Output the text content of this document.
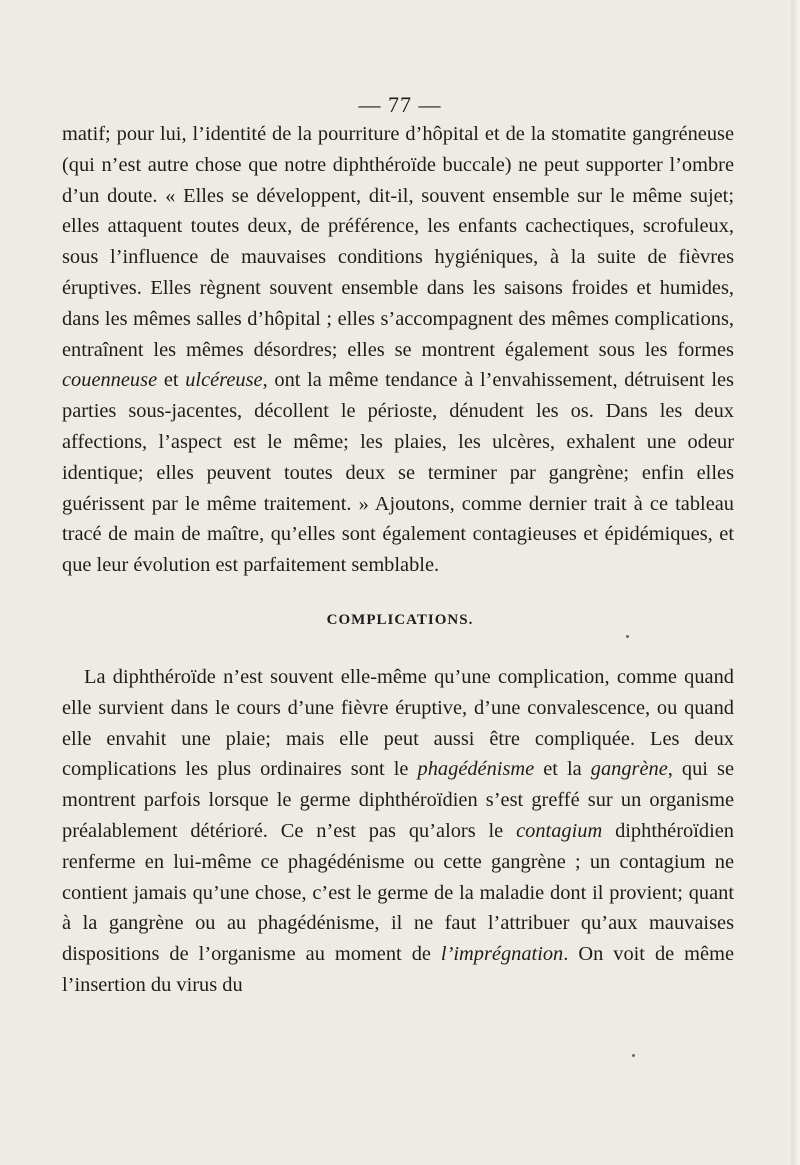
— 77 —

matif; pour lui, l’identité de la pourriture d’hôpital et de la stomatite gangréneuse (qui n’est autre chose que notre diphthéroïde buccale) ne peut supporter l’ombre d’un doute. « Elles se développent, dit-il, souvent ensemble sur le même sujet; elles attaquent toutes deux, de préférence, les enfants cachectiques, scrofuleux, sous l’influence de mauvaises conditions hygiéniques, à la suite de fièvres éruptives. Elles règnent souvent ensemble dans les saisons froides et humides, dans les mêmes salles d’hôpital ; elles s’accompagnent des mêmes complications, entraînent les mêmes désordres; elles se montrent également sous les formes couenneuse et ulcéreuse, ont la même tendance à l’envahissement, détruisent les parties sous-jacentes, décollent le périoste, dénudent les os. Dans les deux affections, l’aspect est le même; les plaies, les ulcères, exhalent une odeur identique; elles peuvent toutes deux se terminer par gangrène; enfin elles guérissent par le même traitement. » Ajoutons, comme dernier trait à ce tableau tracé de main de maître, qu’elles sont également contagieuses et épidémiques, et que leur évolution est parfaitement semblable.

COMPLICATIONS.

La diphthéroïde n’est souvent elle-même qu’une complication, comme quand elle survient dans le cours d’une fièvre éruptive, d’une convalescence, ou quand elle envahit une plaie; mais elle peut aussi être compliquée. Les deux complications les plus ordinaires sont le phagédénisme et la gangrène, qui se montrent parfois lorsque le germe diphthéroïdien s’est greffé sur un organisme préalablement détérioré. Ce n’est pas qu’alors le contagium diphthéroïdien renferme en lui-même ce phagédénisme ou cette gangrène ; un contagium ne contient jamais qu’une chose, c’est le germe de la maladie dont il provient; quant à la gangrène ou au phagédénisme, il ne faut l’attribuer qu’aux mauvaises dispositions de l’organisme au moment de l’imprégnation. On voit de même l’insertion du virus du
